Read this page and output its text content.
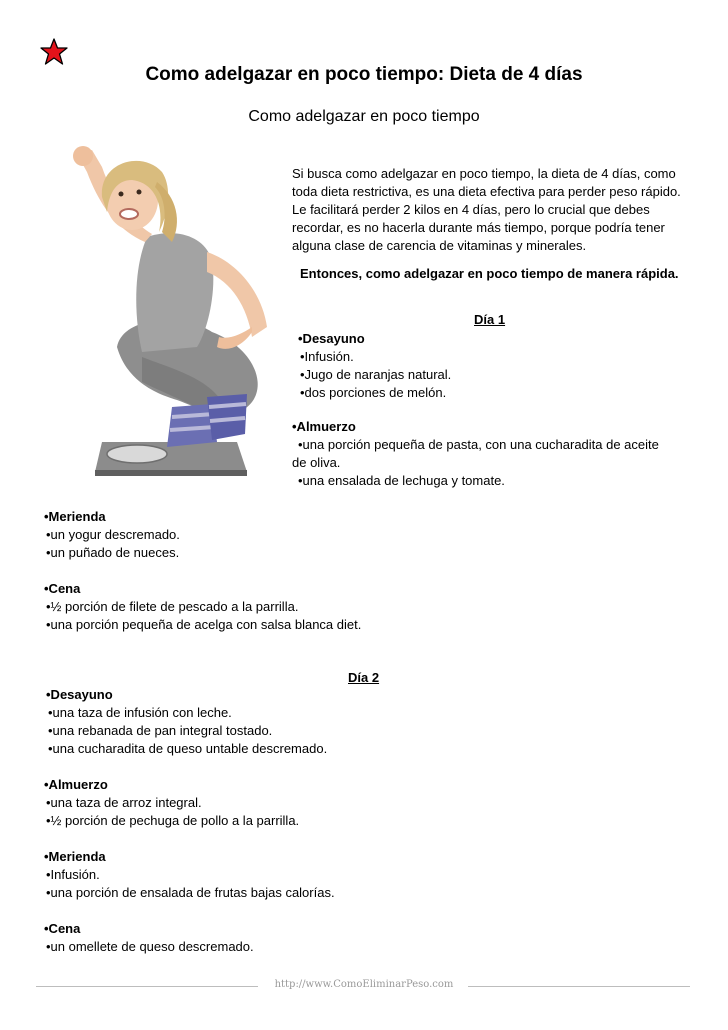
Como adelgazar en poco tiempo: Dieta de 4 días
Como adelgazar en poco tiempo

Si busca como adelgazar en poco tiempo, la dieta de 4 días, como toda dieta restrictiva, es una dieta efectiva para perder peso rápido. Le facilitará perder 2 kilos en 4 días, pero lo crucial que debes recordar, es no hacerla durante más tiempo, porque podría tener alguna clase de carencia de vitaminas y minerales.

Entonces, como adelgazar en poco tiempo de manera rápida.

Día 1
•Desayuno
•Infusión.
•Jugo de naranjas natural.
•dos porciones de melón.
•Almuerzo
•una porción pequeña de pasta, con una cucharadita de aceite
de oliva.
•una ensalada de lechuga y tomate.
•Merienda
•un yogur descremado.
•un puñado de nueces.
•Cena
•½ porción de filete de pescado a la parrilla.
•una porción pequeña de acelga con salsa blanca diet.
Día 2
•Desayuno
•una taza de infusión con leche.
•una rebanada de pan integral tostado.
•una cucharadita de queso untable descremado.
•Almuerzo
•una taza de arroz integral.
•½ porción de pechuga de pollo a la parrilla.
•Merienda
•Infusión.
•una porción de ensalada de frutas bajas calorías.
•Cena
•un omellete de queso descremado.
http://www.ComoEliminarPeso.com
